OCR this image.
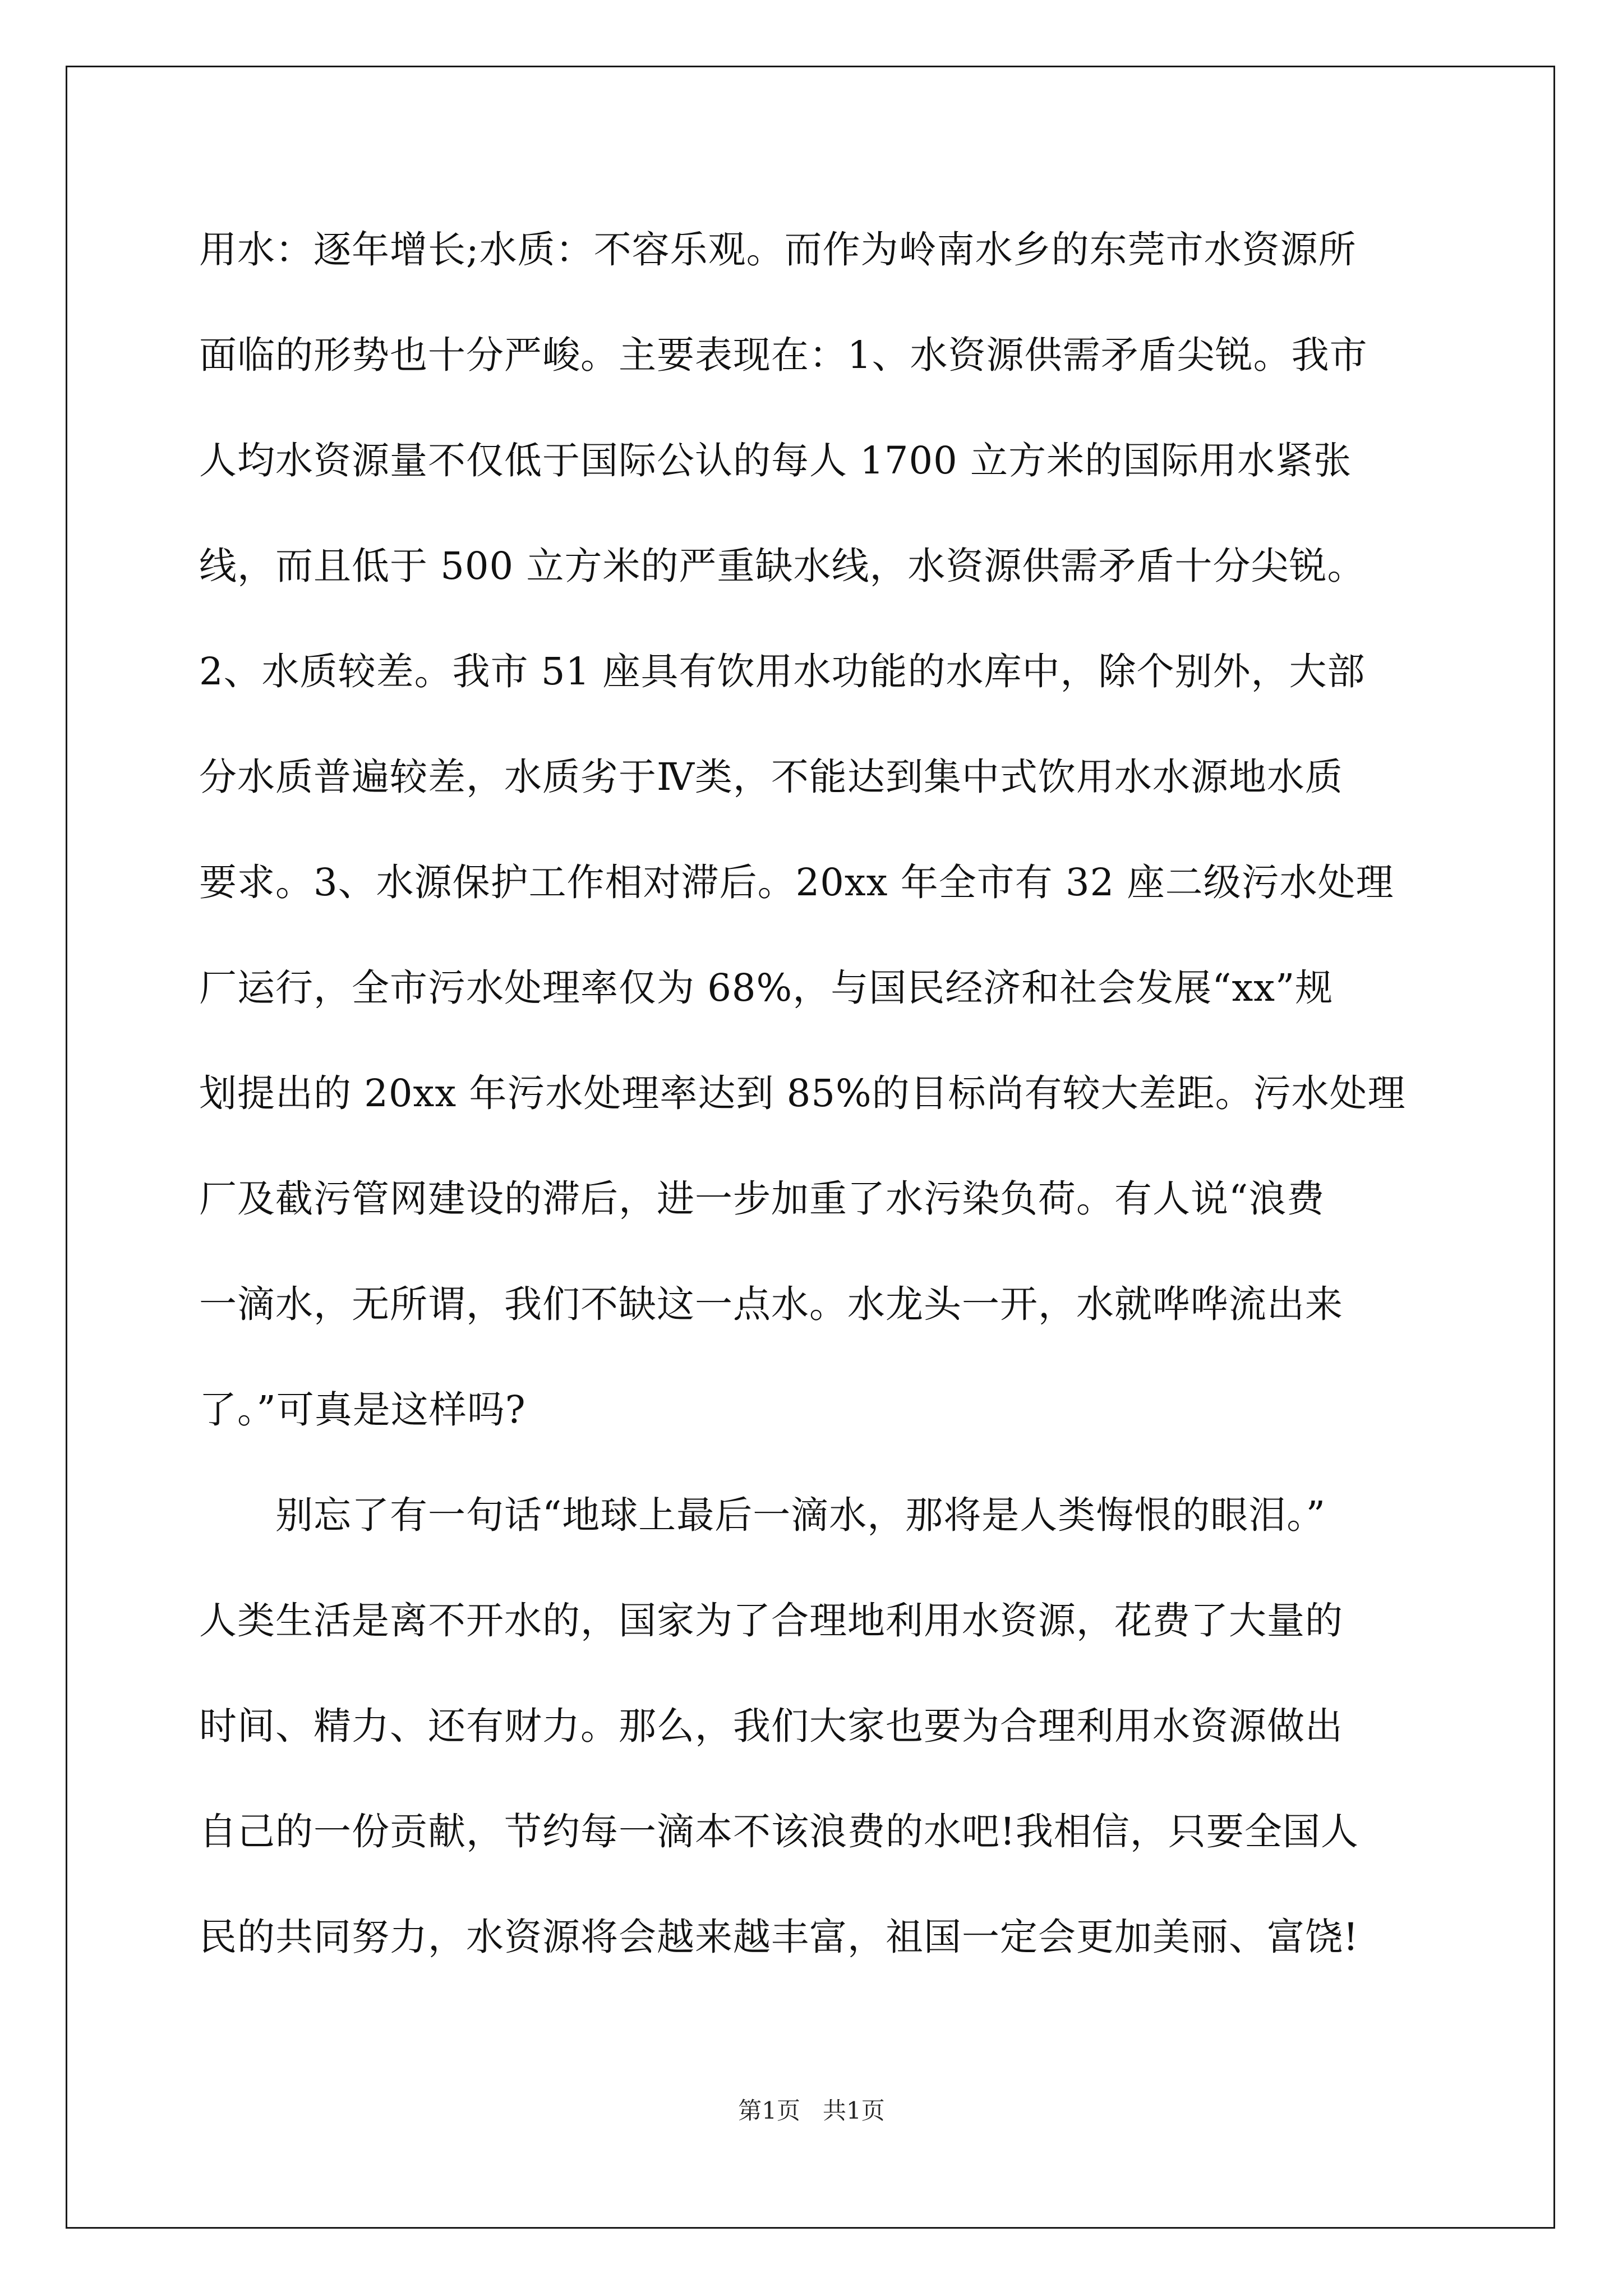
用水：逐年增长;水质：不容乐观。而作为岭南水乡的东莞市水资源所
面临的形势也十分严峻。主要表现在：1、水资源供需矛盾尖锐。我市
人均水资源量不仅低于国际公认的每人 1700 立方米的国际用水紧张
线，而且低于 500 立方米的严重缺水线，水资源供需矛盾十分尖锐。
2、水质较差。我市 51 座具有饮用水功能的水库中，除个别外，大部
分水质普遍较差，水质劣于Ⅳ类，不能达到集中式饮用水水源地水质
要求。3、水源保护工作相对滞后。20xx 年全市有 32 座二级污水处理
厂运行，全市污水处理率仅为 68%，与国民经济和社会发展“xx”规
划提出的 20xx 年污水处理率达到 85%的目标尚有较大差距。污水处理
厂及截污管网建设的滞后，进一步加重了水污染负荷。有人说“浪费
一滴水，无所谓，我们不缺这一点水。水龙头一开，水就哗哗流出来
了。”可真是这样吗?
　　别忘了有一句话“地球上最后一滴水，那将是人类悔恨的眼泪。”
人类生活是离不开水的，国家为了合理地利用水资源，花费了大量的
时间、精力、还有财力。那么，我们大家也要为合理利用水资源做出
自己的一份贡献，节约每一滴本不该浪费的水吧!我相信，只要全国人
民的共同努力，水资源将会越来越丰富，祖国一定会更加美丽、富饶!
第1页   共1页
